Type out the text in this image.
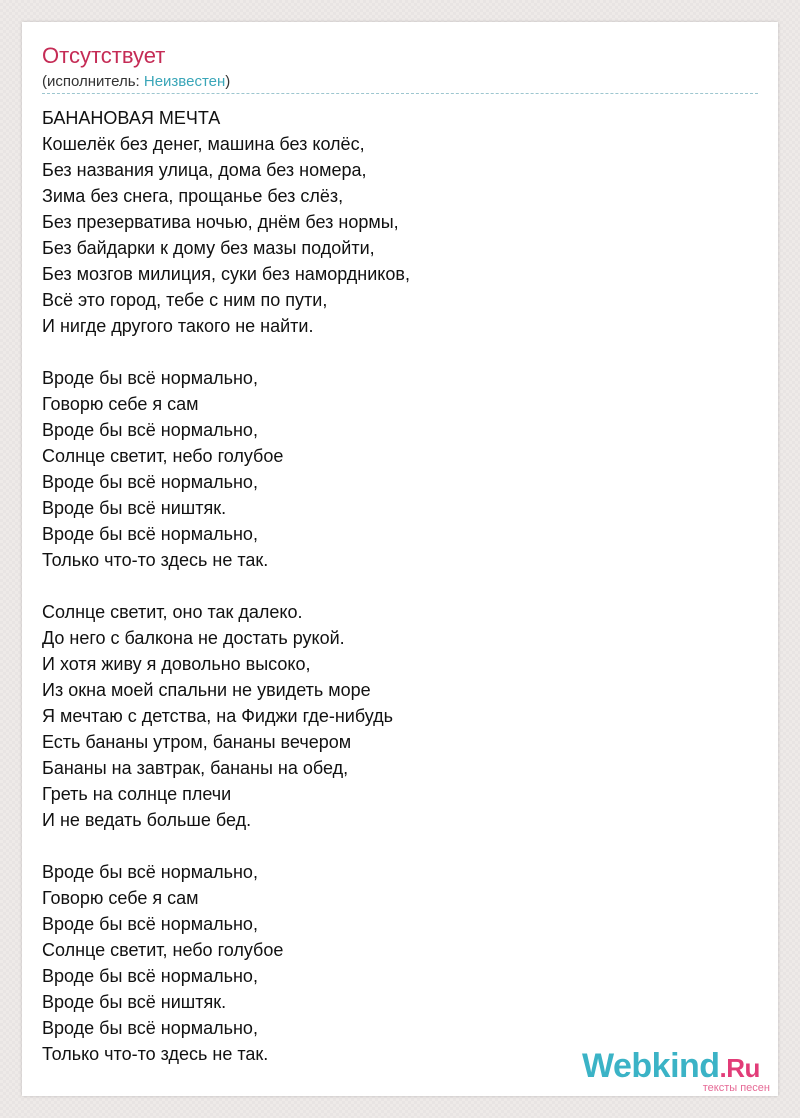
Отсутствует
(исполнитель: Неизвестен)
БАНАНОВАЯ МЕЧТА
Кошелёк без денег, машина без колёс,
Без названия улица, дома без номера,
Зима без снега, прощанье без слёз,
Без презерватива ночью, днём без нормы,
Без байдарки к дому без мазы подойти,
Без мозгов милиция, суки без намордников,
Всё это город, тебе с ним по пути,
И нигде другого такого не найти.
Вроде бы всё нормально,
Говорю себе я сам
Вроде бы всё нормально,
Солнце светит, небо голубое
Вроде бы всё нормально,
Вроде бы всё ништяк.
Вроде бы всё нормально,
Только что-то здесь не так.
Солнце светит, оно так далеко.
До него с балкона не достать рукой.
И хотя живу я довольно высоко,
Из окна моей спальни не увидеть море
Я мечтаю с детства, на Фиджи где-нибудь
Есть бананы утром, бананы вечером
Бананы на завтрак, бананы на обед,
Греть на солнце плечи
И не ведать больше бед.
Вроде бы всё нормально,
Говорю себе я сам
Вроде бы всё нормально,
Солнце светит, небо голубое
Вроде бы всё нормально,
Вроде бы всё ништяк.
Вроде бы всё нормально,
Только что-то здесь не так.	Webkind.Ru
тексты песен
